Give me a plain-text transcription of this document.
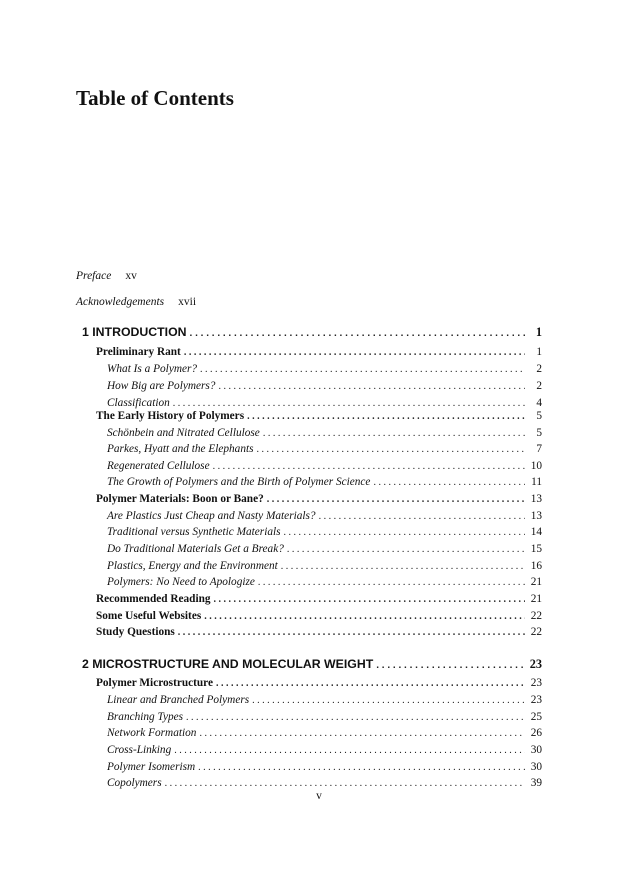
Table of Contents
Preface xv
Acknowledgements xvii
1 INTRODUCTION . . .	1
Preliminary Rant . . .	1
What Is a Polymer? . . .	2
How Big are Polymers? . . .	2
Classification . . .	4
The Early History of Polymers . . .	5
Schönbein and Nitrated Cellulose . . .	5
Parkes, Hyatt and the Elephants . . .	7
Regenerated Cellulose . . .	10
The Growth of Polymers and the Birth of Polymer Science . . .	11
Polymer Materials: Boon or Bane? . . .	13
Are Plastics Just Cheap and Nasty Materials? . . .	13
Traditional versus Synthetic Materials . . .	14
Do Traditional Materials Get a Break? . . .	15
Plastics, Energy and the Environment . . .	16
Polymers: No Need to Apologize . . .	21
Recommended Reading . . .	21
Some Useful Websites . . .	22
Study Questions . . .	22
2 MICROSTRUCTURE AND MOLECULAR WEIGHT . . .	23
Polymer Microstructure . . .	23
Linear and Branched Polymers . . .	23
Branching Types . . .	25
Network Formation . . .	26
Cross-Linking . . .	30
Polymer Isomerism . . .	30
Copolymers . . .	39
v
